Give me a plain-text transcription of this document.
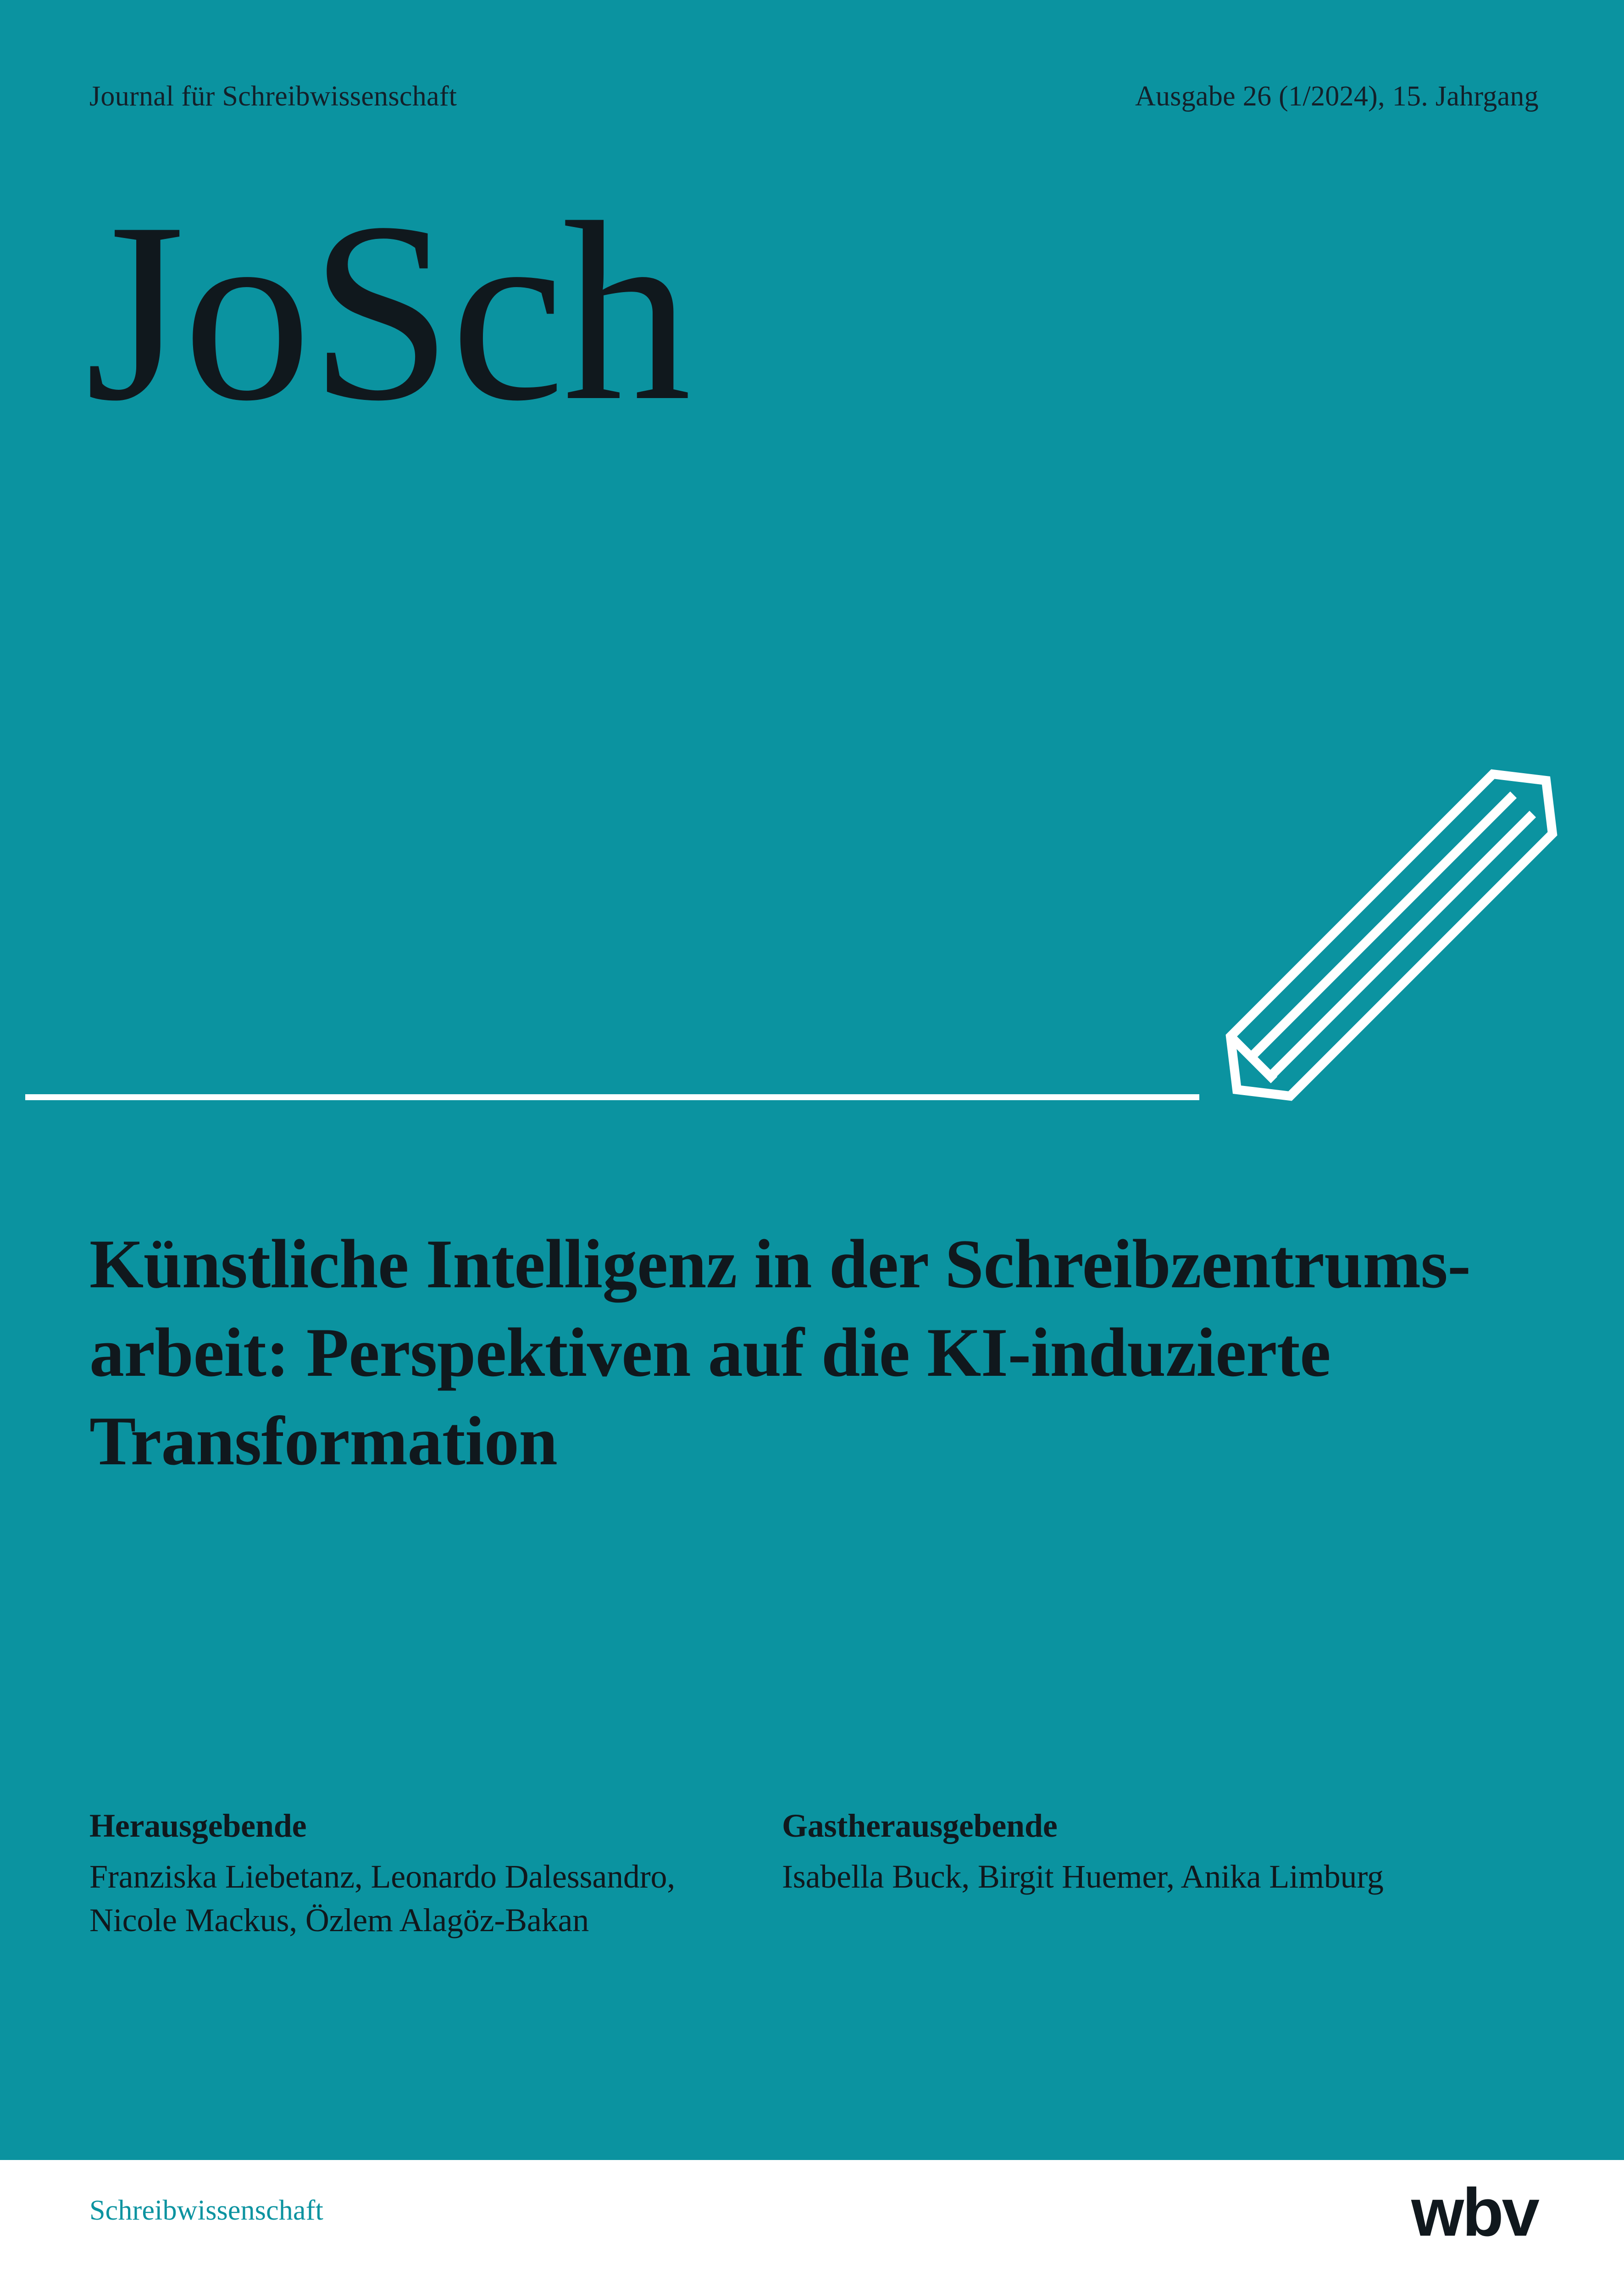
Journal für Schreibwissenschaft	Ausgabe 26 (1/2024), 15. Jahrgang
JoSch
Künstliche Intelligenz in der Schreibzentrumsarbeit: Perspektiven auf die KI-induzierte Transformation
Herausgebende
Franziska Liebetanz, Leonardo Dalessandro, Nicole Mackus, Özlem Alagöz-Bakan
Gastherausgebende
Isabella Buck, Birgit Huemer, Anika Limburg
Schreibwissenschaft	wbv
